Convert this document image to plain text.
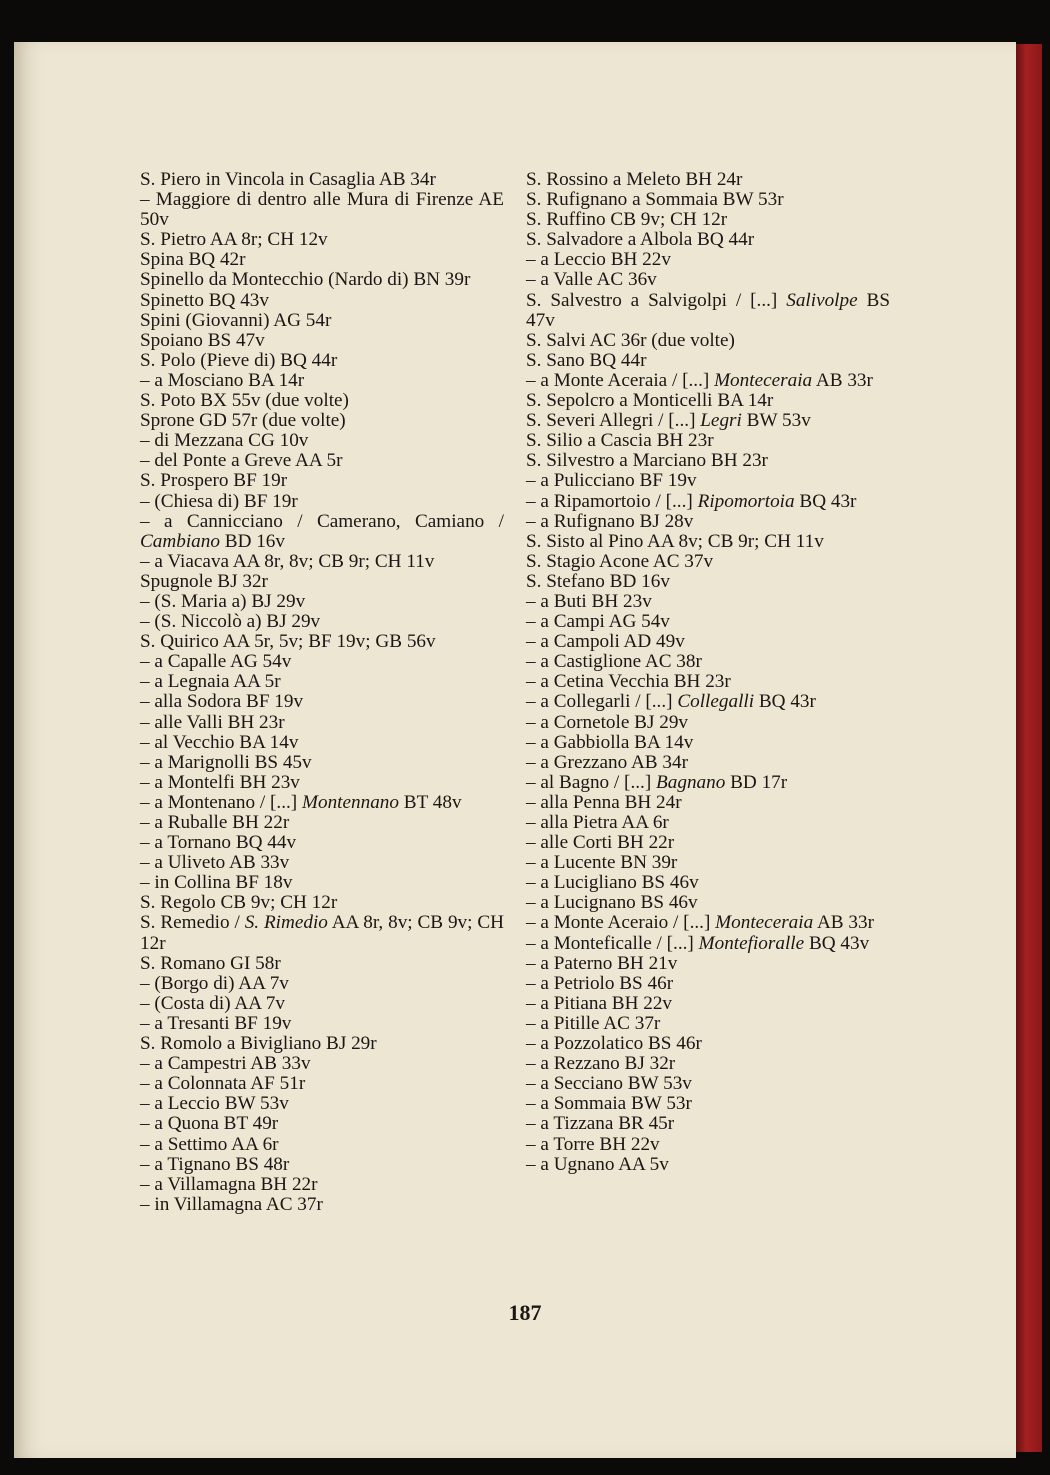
S. Piero in Vincola in Casaglia AB 34r

– Maggiore di dentro alle Mura di Firenze AE 50v

S. Pietro AA 8r; CH 12v

Spina BQ 42r

Spinello da Montecchio (Nardo di) BN 39r

Spinetto BQ 43v

Spini (Giovanni) AG 54r

Spoiano BS 47v

S. Polo (Pieve di) BQ 44r

– a Mosciano BA 14r

S. Poto BX 55v (due volte)

Sprone GD 57r (due volte)

– di Mezzana CG 10v

– del Ponte a Greve AA 5r

S. Prospero BF 19r

– (Chiesa di) BF 19r

– a Cannicciano / Camerano, Camiano / Cambiano BD 16v

– a Viacava AA 8r, 8v; CB 9r; CH 11v

Spugnole BJ 32r

– (S. Maria a) BJ 29v

– (S. Niccolò a) BJ 29v

S. Quirico AA 5r, 5v; BF 19v; GB 56v

– a Capalle AG 54v

– a Legnaia AA 5r

– alla Sodora BF 19v

– alle Valli BH 23r

– al Vecchio BA 14v

– a Marignolli BS 45v

– a Montelfi BH 23v

– a Montenano / [...] Montennano BT 48v

– a Ruballe BH 22r

– a Tornano BQ 44v

– a Uliveto AB 33v

– in Collina BF 18v

S. Regolo CB 9v; CH 12r

S. Remedio / S. Rimedio AA 8r, 8v; CB 9v; CH 12r

S. Romano GI 58r

– (Borgo di) AA 7v

– (Costa di) AA 7v

– a Tresanti BF 19v

S. Romolo a Bivigliano BJ 29r

– a Campestri AB 33v

– a Colonnata AF 51r

– a Leccio BW 53v

– a Quona BT 49r

– a Settimo AA 6r

– a Tignano BS 48r

– a Villamagna BH 22r

– in Villamagna AC 37r

S. Rossino a Meleto BH 24r

S. Rufignano a Sommaia BW 53r

S. Ruffino CB 9v; CH 12r

S. Salvadore a Albola BQ 44r

– a Leccio BH 22v

– a Valle AC 36v

S. Salvestro a Salvigolpi / [...] Salivolpe BS 47v

S. Salvi AC 36r (due volte)

S. Sano BQ 44r

– a Monte Aceraia / [...] Monteceraia AB 33r

S. Sepolcro a Monticelli BA 14r

S. Severi Allegri / [...] Legri BW 53v

S. Silio a Cascia BH 23r

S. Silvestro a Marciano BH 23r

– a Pulicciano BF 19v

– a Ripamortoio / [...] Ripomortoia BQ 43r

– a Rufignano BJ 28v

S. Sisto al Pino AA 8v; CB 9r; CH 11v

S. Stagio Acone AC 37v

S. Stefano BD 16v

– a Buti BH 23v

– a Campi AG 54v

– a Campoli AD 49v

– a Castiglione AC 38r

– a Cetina Vecchia BH 23r

– a Collegarli / [...] Collegalli BQ 43r

– a Cornetole BJ 29v

– a Gabbiolla BA 14v

– a Grezzano AB 34r

– al Bagno / [...] Bagnano BD 17r

– alla Penna BH 24r

– alla Pietra AA 6r

– alle Corti BH 22r

– a Lucente BN 39r

– a Lucigliano BS 46v

– a Lucignano BS 46v

– a Monte Aceraio / [...] Monteceraia AB 33r

– a Monteficalle / [...] Montefioralle BQ 43v

– a Paterno BH 21v

– a Petriolo BS 46r

– a Pitiana BH 22v

– a Pitille AC 37r

– a Pozzolatico BS 46r

– a Rezzano BJ 32r

– a Secciano BW 53v

– a Sommaia BW 53r

– a Tizzana BR 45r

– a Torre BH 22v

– a Ugnano AA 5v

187
